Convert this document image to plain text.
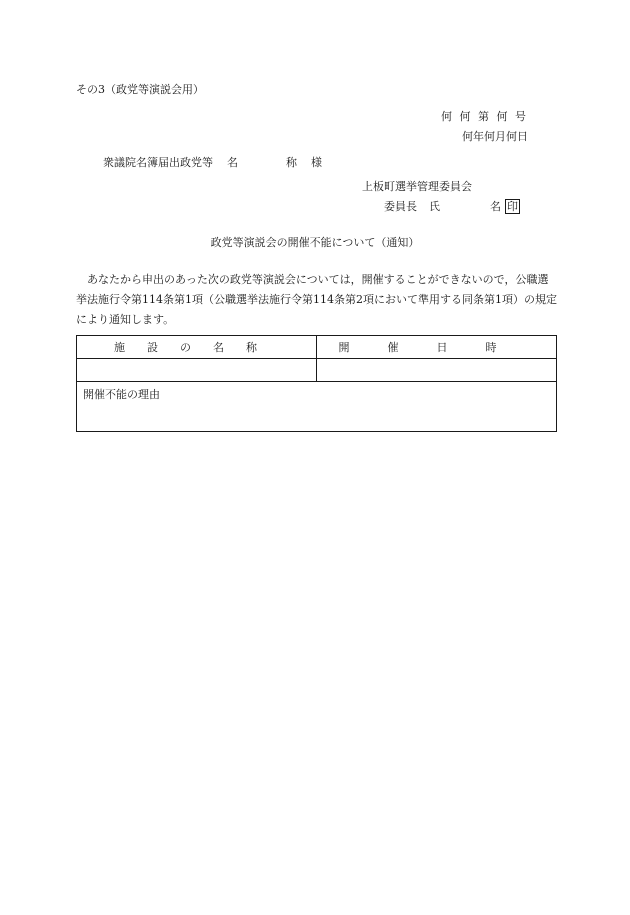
その3（政党等演説会用）
何 何 第 何 号
何年何月何日
衆議院名簿届出政党等 名	称 様
上板町選挙管理委員会
委員長 氏	名 印
政党等演説会の開催不能について（通知）
あなたから申出のあった次の政党等演説会については，開催することができないので，公職選挙法施行令第114条第1項（公職選挙法施行令第114条第2項において準用する同条第1項）の規定により通知します。
施設の名称	開催日時

開催不能の理由	
